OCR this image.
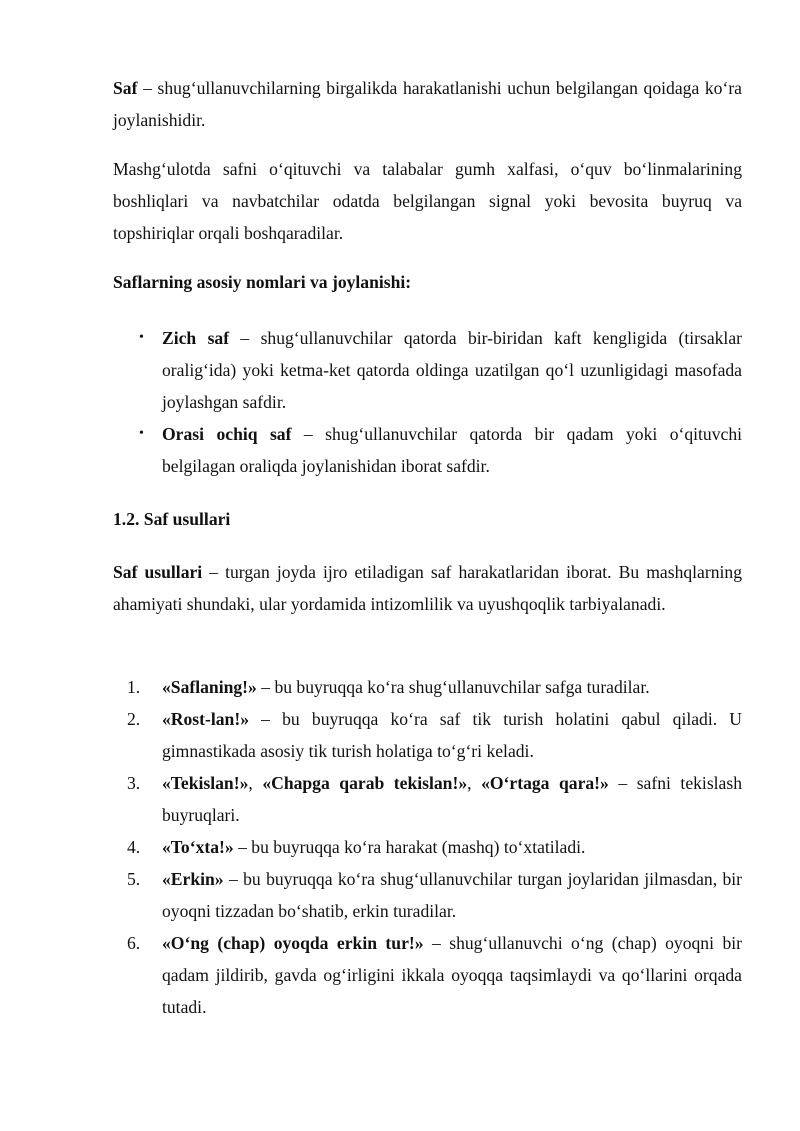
Saf – shug‘ullanuvchilarning birgalikda harakatlanishi uchun belgilangan qoidaga ko‘ra joylanishidir.

Mashg‘ulotda safni o‘qituvchi va talabalar gumh xalfasi, o‘quv bo‘linmalarining boshliqlari va navbatchilar odatda belgilangan signal yoki bevosita buyruq va topshiriqlar orqali boshqaradilar.

Saflarning asosiy nomlari va joylanishi:

• Zich saf – shug‘ullanuvchilar qatorda bir-biridan kaft kengligida (tirsaklar oralig‘ida) yoki ketma-ket qatorda oldinga uzatilgan qo‘l uzunligidagi masofada joylashgan safdir.

• Orasi ochiq saf – shug‘ullanuvchilar qatorda bir qadam yoki o‘qituvchi belgilagan oraliqda joylanishidan iborat safdir.

1.2. Saf usullari

Saf usullari – turgan joyda ijro etiladigan saf harakatlaridan iborat. Bu mashqlarning ahamiyati shundaki, ular yordamida intizomlilik va uyushqoqlik tarbiyalanadi.

1. «Saflaning!» – bu buyruqqa ko‘ra shug‘ullanuvchilar safga turadilar.

2. «Rost-lan!» – bu buyruqqa ko‘ra saf tik turish holatini qabul qiladi. U gimnastikada asosiy tik turish holatiga to‘g‘ri keladi.

3. «Tekislan!», «Chapga qarab tekislan!», «O‘rtaga qara!» – safni tekislash buyruqlari.

4. «To‘xta!» – bu buyruqqa ko‘ra harakat (mashq) to‘xtatiladi.

5. «Erkin» – bu buyruqqa ko‘ra shug‘ullanuvchilar turgan joylaridan jilmasdan, bir oyoqni tizzadan bo‘shatib, erkin turadilar.

6. «O‘ng (chap) oyoqda erkin tur!» – shug‘ullanuvchi o‘ng (chap) oyoqni bir qadam jildirib, gavda og‘irligini ikkala oyoqqa taqsimlaydi va qo‘llarini orqada tutadi.
